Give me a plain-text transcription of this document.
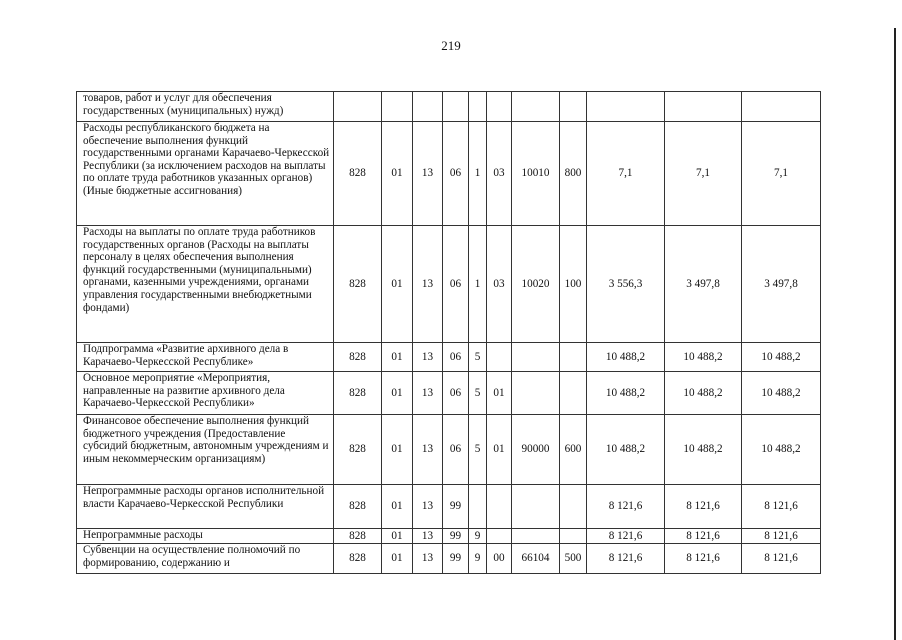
219
товаров, работ и услуг для обеспечения государственных (муниципальных) нужд)											
Расходы республиканского бюджета на обеспечение выполнения функций государственными органами Карачаево-Черкесской Республики (за исключением расходов на выплаты по оплате труда работников указанных органов) (Иные бюджетные ассигнования)	828	01	13	06	1	03	10010	800	7,1	7,1	7,1
Расходы на выплаты по оплате труда работников государственных органов (Расходы на выплаты персоналу в целях обеспечения выполнения функций государственными (муниципальными) органами, казенными учреждениями, органами управления государственными внебюджетными фондами)	828	01	13	06	1	03	10020	100	3 556,3	3 497,8	3 497,8
Подпрограмма «Развитие архивного дела в Карачаево-Черкесской Республике»	828	01	13	06	5				10 488,2	10 488,2	10 488,2
Основное мероприятие «Мероприятия, направленные на развитие архивного дела Карачаево-Черкесской Республики»	828	01	13	06	5	01			10 488,2	10 488,2	10 488,2
Финансовое обеспечение выполнения функций бюджетного учреждения (Предоставление субсидий бюджетным, автономным учреждениям и иным некоммерческим организациям)	828	01	13	06	5	01	90000	600	10 488,2	10 488,2	10 488,2
Непрограммные расходы органов исполнительной власти Карачаево-Черкесской Республики	828	01	13	99					8 121,6	8 121,6	8 121,6
Непрограммные расходы	828	01	13	99	9				8 121,6	8 121,6	8 121,6
Субвенции на осуществление полномочий по формированию, содержанию и	828	01	13	99	9	00	66104	500	8 121,6	8 121,6	8 121,6
